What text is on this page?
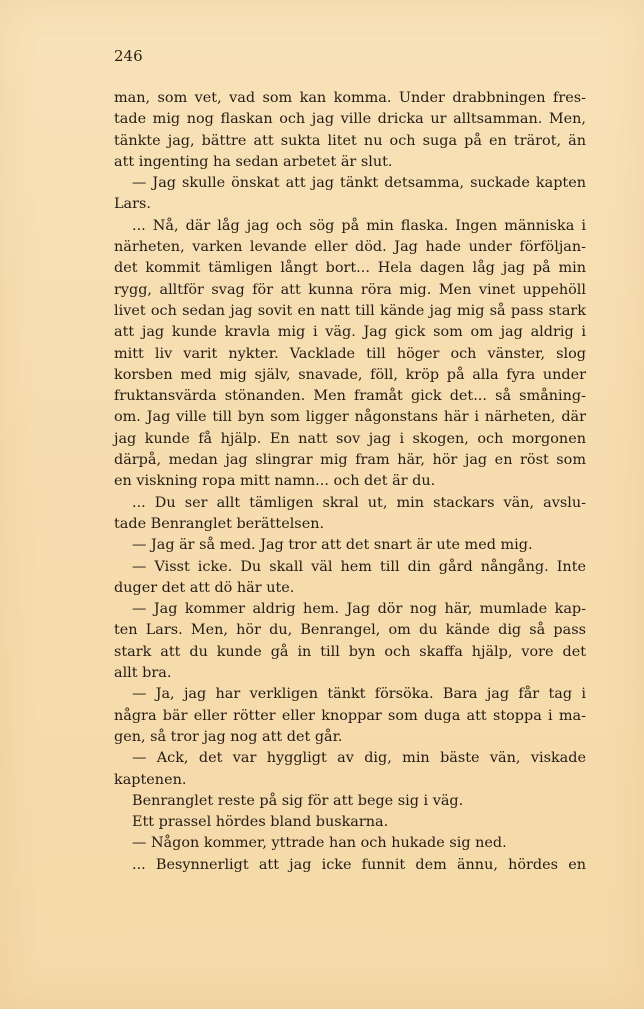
246
man, som vet, vad som kan komma. Under drabbningen fres-
tade mig nog flaskan och jag ville dricka ur alltsamman. Men,
tänkte jag, bättre att sukta litet nu och suga på en trärot, än
att ingenting ha sedan arbetet är slut.
— Jag skulle önskat att jag tänkt detsamma, suckade kapten
Lars.
... Nå, där låg jag och sög på min flaska. Ingen människa i
närheten, varken levande eller död. Jag hade under förföljan-
det kommit tämligen långt bort... Hela dagen låg jag på min
rygg, alltför svag för att kunna röra mig. Men vinet uppehöll
livet och sedan jag sovit en natt till kände jag mig så pass stark
att jag kunde kravla mig i väg. Jag gick som om jag aldrig i
mitt liv varit nykter. Vacklade till höger och vänster, slog
korsben med mig själv, snavade, föll, kröp på alla fyra under
fruktansvärda stönanden. Men framåt gick det... så småning-
om. Jag ville till byn som ligger någonstans här i närheten, där
jag kunde få hjälp. En natt sov jag i skogen, och morgonen
därpå, medan jag slingrar mig fram här, hör jag en röst som
en viskning ropa mitt namn... och det är du.
... Du ser allt tämligen skral ut, min stackars vän, avslu-
tade Benranglet berättelsen.
— Jag är så med. Jag tror att det snart är ute med mig.
— Visst icke. Du skall väl hem till din gård nångång. Inte
duger det att dö här ute.
— Jag kommer aldrig hem. Jag dör nog här, mumlade kap-
ten Lars. Men, hör du, Benrangel, om du kände dig så pass
stark att du kunde gå in till byn och skaffa hjälp, vore det
allt bra.
— Ja, jag har verkligen tänkt försöka. Bara jag får tag i
några bär eller rötter eller knoppar som duga att stoppa i ma-
gen, så tror jag nog att det går.
— Ack, det var hyggligt av dig, min bäste vän, viskade
kaptenen.
Benranglet reste på sig för att bege sig i väg.
Ett prassel hördes bland buskarna.
— Någon kommer, yttrade han och hukade sig ned.
... Besynnerligt att jag icke funnit dem ännu, hördes en
